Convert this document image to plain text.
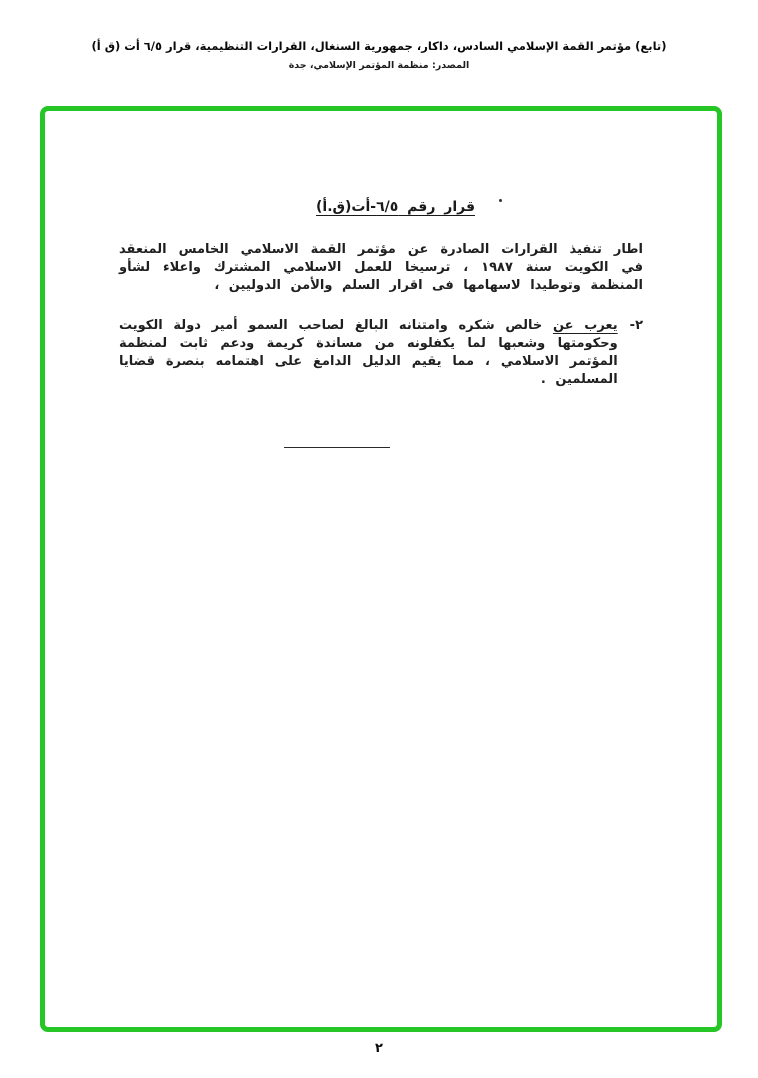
(تابع) مؤتمر القمة الإسلامي السادس، داكار، جمهورية السنغال، القرارات التنظيمية، قرار ٦/٥ أت (ق أ)
المصدر: منظمة المؤتمر الإسلامي، جدة
قرار رقم ٦/٥-أت(ق.أ)

اطار تنفيذ القرارات الصادرة عن مؤتمر القمة الاسلامي الخامس المنعقد في الكويت سنة ١٩٨٧ ، ترسيخا للعمل الاسلامي المشترك واعلاء لشأو المنظمة وتوطيدا لاسهامها فى اقرار السلم والأمن الدوليين ،

٢-

يعرب عن خالص شكره وامتنانه البالغ لصاحب السمو أمير دولة الكويت وحكومتها وشعبها لما يكفلونه من مساندة كريمة ودعم ثابت لمنظمة المؤتمر الاسلامي ، مما يقيم الدليل الدامغ على اهتمامه بنصرة قضايا المسلمين .

٢
